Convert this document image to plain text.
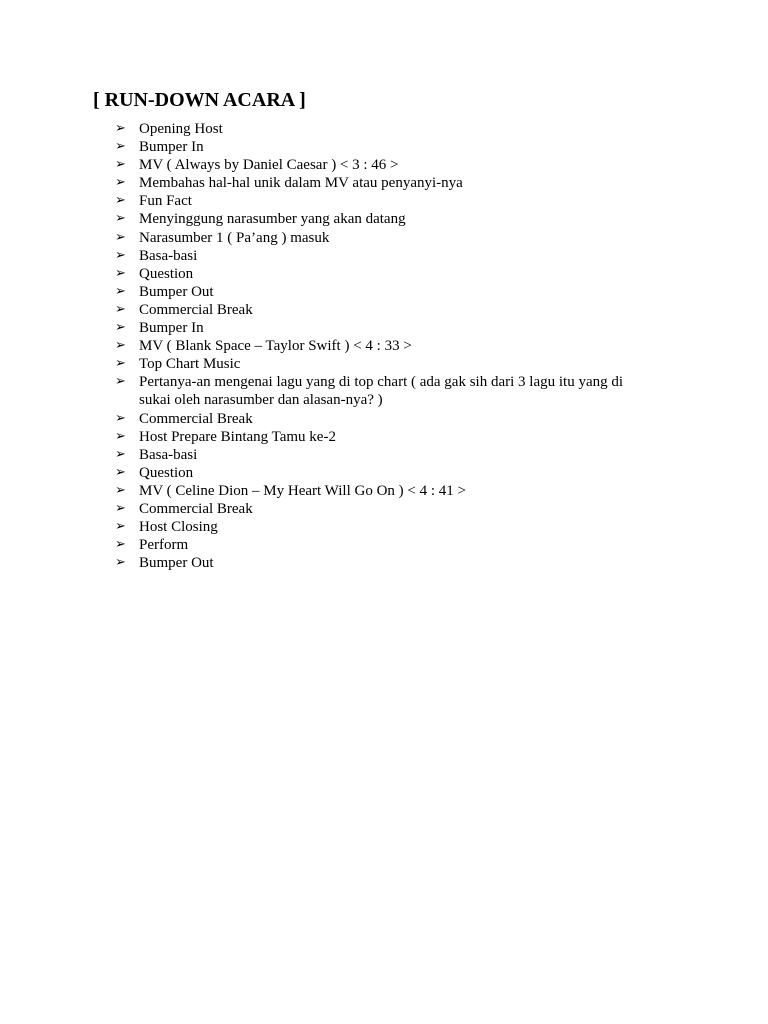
[ RUN-DOWN ACARA ]
➢ Opening Host
➢ Bumper In
➢ MV ( Always by Daniel Caesar ) < 3 : 46 >
➢ Membahas hal-hal unik dalam MV atau penyanyi-nya
➢ Fun Fact
➢ Menyinggung narasumber yang akan datang
➢ Narasumber 1 ( Pa’ang ) masuk
➢ Basa-basi
➢ Question
➢ Bumper Out
➢ Commercial Break
➢ Bumper In
➢ MV ( Blank Space – Taylor Swift ) < 4 : 33 >
➢ Top Chart Music
➢ Pertanya-an mengenai lagu yang di top chart ( ada gak sih dari 3 lagu itu yang di sukai oleh narasumber dan alasan-nya? )
➢ Commercial Break
➢ Host Prepare Bintang Tamu ke-2
➢ Basa-basi
➢ Question
➢ MV ( Celine Dion – My Heart Will Go On ) < 4 : 41 >
➢ Commercial Break
➢ Host Closing
➢ Perform
➢ Bumper Out
